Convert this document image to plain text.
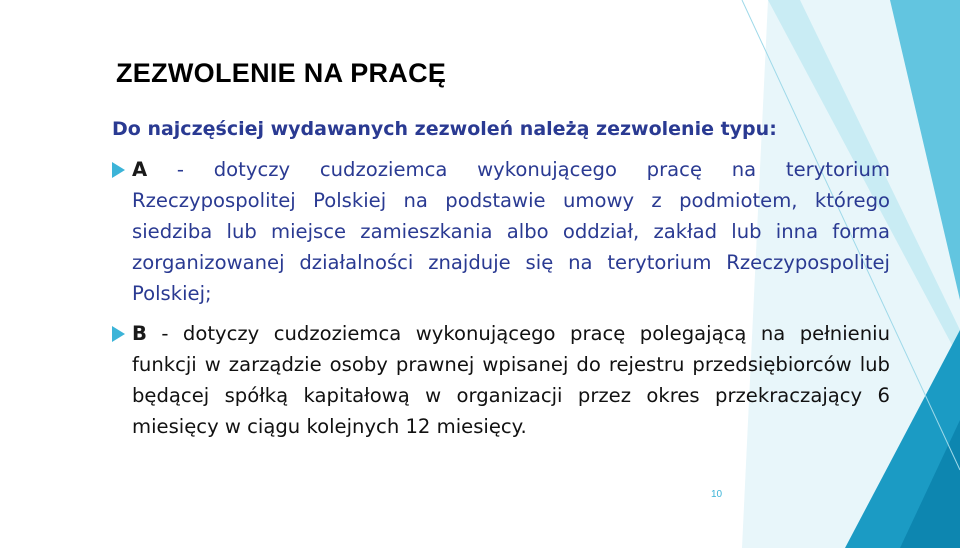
ZEZWOLENIE NA PRACĘ

Do najczęściej wydawanych zezwoleń należą zezwolenie typu:

A - dotyczy cudzoziemca wykonującego pracę na terytorium Rzeczypospolitej Polskiej na podstawie umowy z podmiotem, którego siedziba lub miejsce zamieszkania albo oddział, zakład lub inna forma zorganizowanej działalności znajduje się na terytorium Rzeczypospolitej Polskiej;
B - dotyczy cudzoziemca wykonującego pracę polegającą na pełnieniu funkcji w zarządzie osoby prawnej wpisanej do rejestru przedsiębiorców lub będącej spółką kapitałową w organizacji przez okres przekraczający 6 miesięcy w ciągu kolejnych 12 miesięcy.
10
